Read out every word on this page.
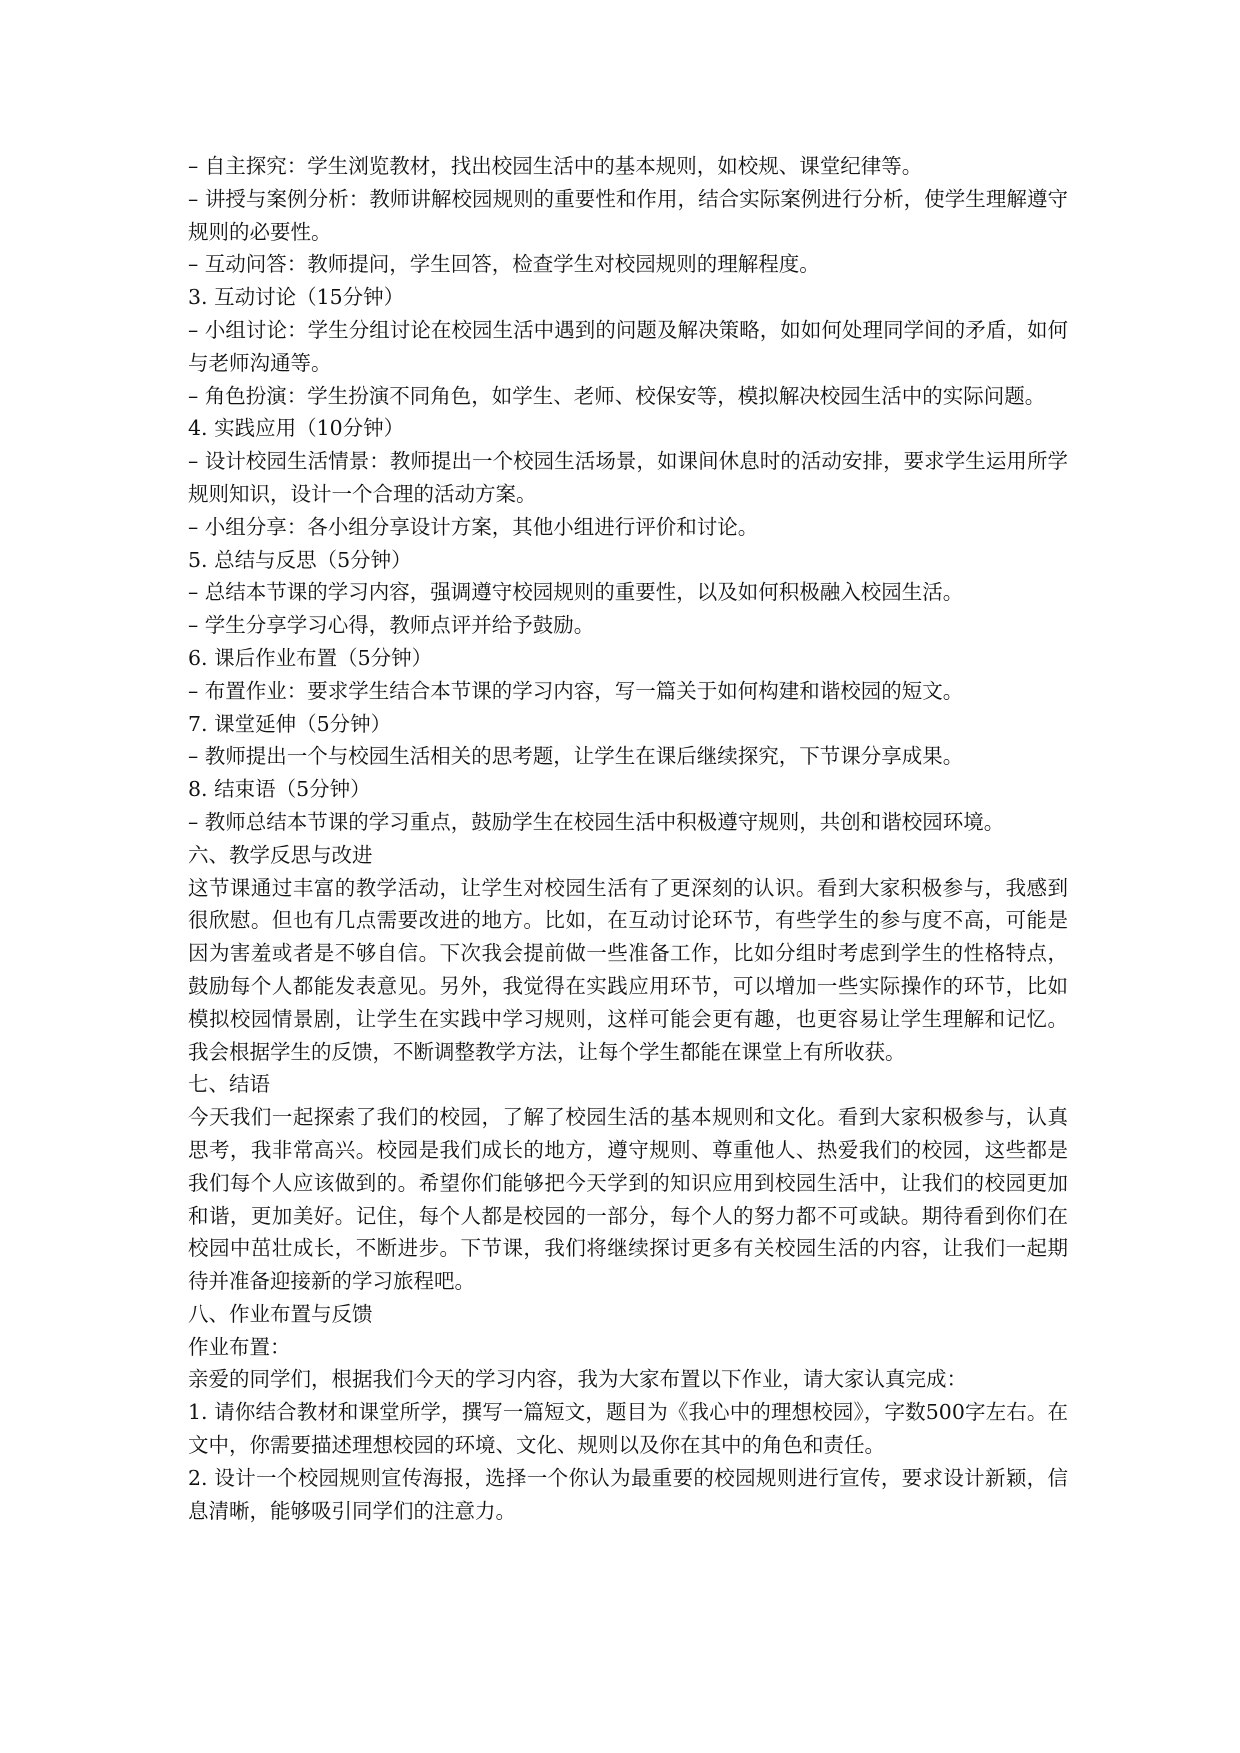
– 自主探究：学生浏览教材，找出校园生活中的基本规则，如校规、课堂纪律等。

– 讲授与案例分析：教师讲解校园规则的重要性和作用，结合实际案例进行分析，使学生理解遵守规则的必要性。

– 互动问答：教师提问，学生回答，检查学生对校园规则的理解程度。

3. 互动讨论（15分钟）

– 小组讨论：学生分组讨论在校园生活中遇到的问题及解决策略，如如何处理同学间的矛盾，如何与老师沟通等。

– 角色扮演：学生扮演不同角色，如学生、老师、校保安等，模拟解决校园生活中的实际问题。

4. 实践应用（10分钟）

– 设计校园生活情景：教师提出一个校园生活场景，如课间休息时的活动安排，要求学生运用所学规则知识，设计一个合理的活动方案。

– 小组分享：各小组分享设计方案，其他小组进行评价和讨论。

5. 总结与反思（5分钟）

– 总结本节课的学习内容，强调遵守校园规则的重要性，以及如何积极融入校园生活。

– 学生分享学习心得，教师点评并给予鼓励。

6. 课后作业布置（5分钟）

– 布置作业：要求学生结合本节课的学习内容，写一篇关于如何构建和谐校园的短文。

7. 课堂延伸（5分钟）

– 教师提出一个与校园生活相关的思考题，让学生在课后继续探究，下节课分享成果。

8. 结束语（5分钟）

– 教师总结本节课的学习重点，鼓励学生在校园生活中积极遵守规则，共创和谐校园环境。

六、教学反思与改进

这节课通过丰富的教学活动，让学生对校园生活有了更深刻的认识。看到大家积极参与，我感到很欣慰。但也有几点需要改进的地方。比如，在互动讨论环节，有些学生的参与度不高，可能是因为害羞或者是不够自信。下次我会提前做一些准备工作，比如分组时考虑到学生的性格特点，鼓励每个人都能发表意见。另外，我觉得在实践应用环节，可以增加一些实际操作的环节，比如模拟校园情景剧，让学生在实践中学习规则，这样可能会更有趣，也更容易让学生理解和记忆。我会根据学生的反馈，不断调整教学方法，让每个学生都能在课堂上有所收获。

七、结语

今天我们一起探索了我们的校园，了解了校园生活的基本规则和文化。看到大家积极参与，认真思考，我非常高兴。校园是我们成长的地方，遵守规则、尊重他人、热爱我们的校园，这些都是我们每个人应该做到的。希望你们能够把今天学到的知识应用到校园生活中，让我们的校园更加和谐，更加美好。记住，每个人都是校园的一部分，每个人的努力都不可或缺。期待看到你们在校园中茁壮成长，不断进步。下节课，我们将继续探讨更多有关校园生活的内容，让我们一起期待并准备迎接新的学习旅程吧。

八、作业布置与反馈

作业布置：

亲爱的同学们，根据我们今天的学习内容，我为大家布置以下作业，请大家认真完成：

1. 请你结合教材和课堂所学，撰写一篇短文，题目为《我心中的理想校园》，字数500字左右。在文中，你需要描述理想校园的环境、文化、规则以及你在其中的角色和责任。

2. 设计一个校园规则宣传海报，选择一个你认为最重要的校园规则进行宣传，要求设计新颖，信息清晰，能够吸引同学们的注意力。
